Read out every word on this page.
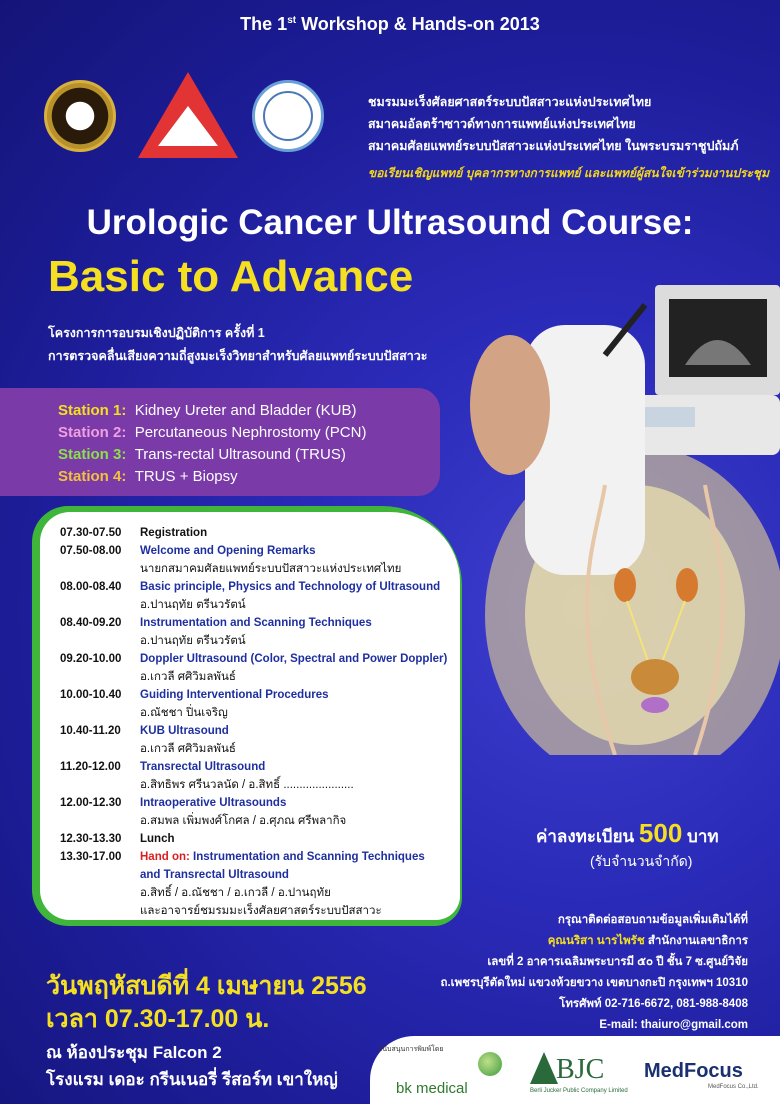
The 1st Workshop & Hands-on 2013
ชมรมมะเร็งศัลยศาสตร์ระบบปัสสาวะแห่งประเทศไทย
สมาคมอัลตร้าซาวด์ทางการแพทย์แห่งประเทศไทย
สมาคมศัลยแพทย์ระบบปัสสาวะแห่งประเทศไทย ในพระบรมราชูปถัมภ์
ขอเรียนเชิญแพทย์ บุคลากรทางการแพทย์ และแพทย์ผู้สนใจเข้าร่วมงานประชุม
Urologic Cancer Ultrasound Course:
Basic to Advance
โครงการการอบรมเชิงปฏิบัติการ ครั้งที่ 1
การตรวจคลื่นเสียงความถี่สูงมะเร็งวิทยาสำหรับศัลยแพทย์ระบบปัสสาวะ
Station 1: Kidney Ureter and Bladder (KUB)
Station 2: Percutaneous Nephrostomy (PCN)
Station 3: Trans-rectal Ultrasound (TRUS)
Station 4: TRUS + Biopsy
07.30-07.50	Registration
07.50-08.00	Welcome and Opening Remarks
นายกสมาคมศัลยแพทย์ระบบปัสสาวะแห่งประเทศไทย
08.00-08.40	Basic principle, Physics and Technology of Ultrasound
อ.ปานฤทัย ตรีนวรัตน์
08.40-09.20	Instrumentation and Scanning Techniques
อ.ปานฤทัย ตรีนวรัตน์
09.20-10.00	Doppler Ultrasound (Color, Spectral and Power Doppler)
อ.เกวลี ศศิวิมลพันธ์
10.00-10.40	Guiding Interventional Procedures
อ.ณัชชา ปิ่นเจริญ
10.40-11.20	KUB Ultrasound
อ.เกวลี ศศิวิมลพันธ์
11.20-12.00	Transrectal Ultrasound
อ.สิทธิพร ศรีนวลนัด / อ.สิทธิ์ ......................
12.00-12.30	Intraoperative Ultrasounds
อ.สมพล เพิ่มพงศ์โกศล / อ.ศุภณ ศรีพลากิจ
12.30-13.30	Lunch
13.30-17.00	Hand on: Instrumentation and Scanning Techniques
and Transrectal Ultrasound
อ.สิทธิ์ / อ.ณัชชา / อ.เกวลี / อ.ปานฤทัย
และอาจารย์ชมรมมะเร็งศัลยศาสตร์ระบบปัสสาวะ
ค่าลงทะเบียน 500 บาท
(รับจำนวนจำกัด)
กรุณาติดต่อสอบถามข้อมูลเพิ่มเติมได้ที่
คุณนริสา นารไพรัช สำนักงานเลขาธิการ
เลขที่ 2 อาคารเฉลิมพระบารมี ๕๐ ปี ชั้น 7 ซ.ศูนย์วิจัย
ถ.เพชรบุรีตัดใหม่ แขวงห้วยขวาง เขตบางกะปิ กรุงเทพฯ 10310
โทรศัพท์ 02-716-6672, 081-988-8408
E-mail: thaiuro@gmail.com
วันพฤหัสบดีที่ 4 เมษายน 2556
เวลา 07.30-17.00 น.
ณ ห้องประชุม Falcon 2
โรงแรม เดอะ กรีนเนอรี่ รีสอร์ท เขาใหญ่
สนับสนุนการพิมพ์โดย
bk medical
BJC
Berli Jucker Public Company Limited
MedFocus
MedFocus Co.,Ltd.
